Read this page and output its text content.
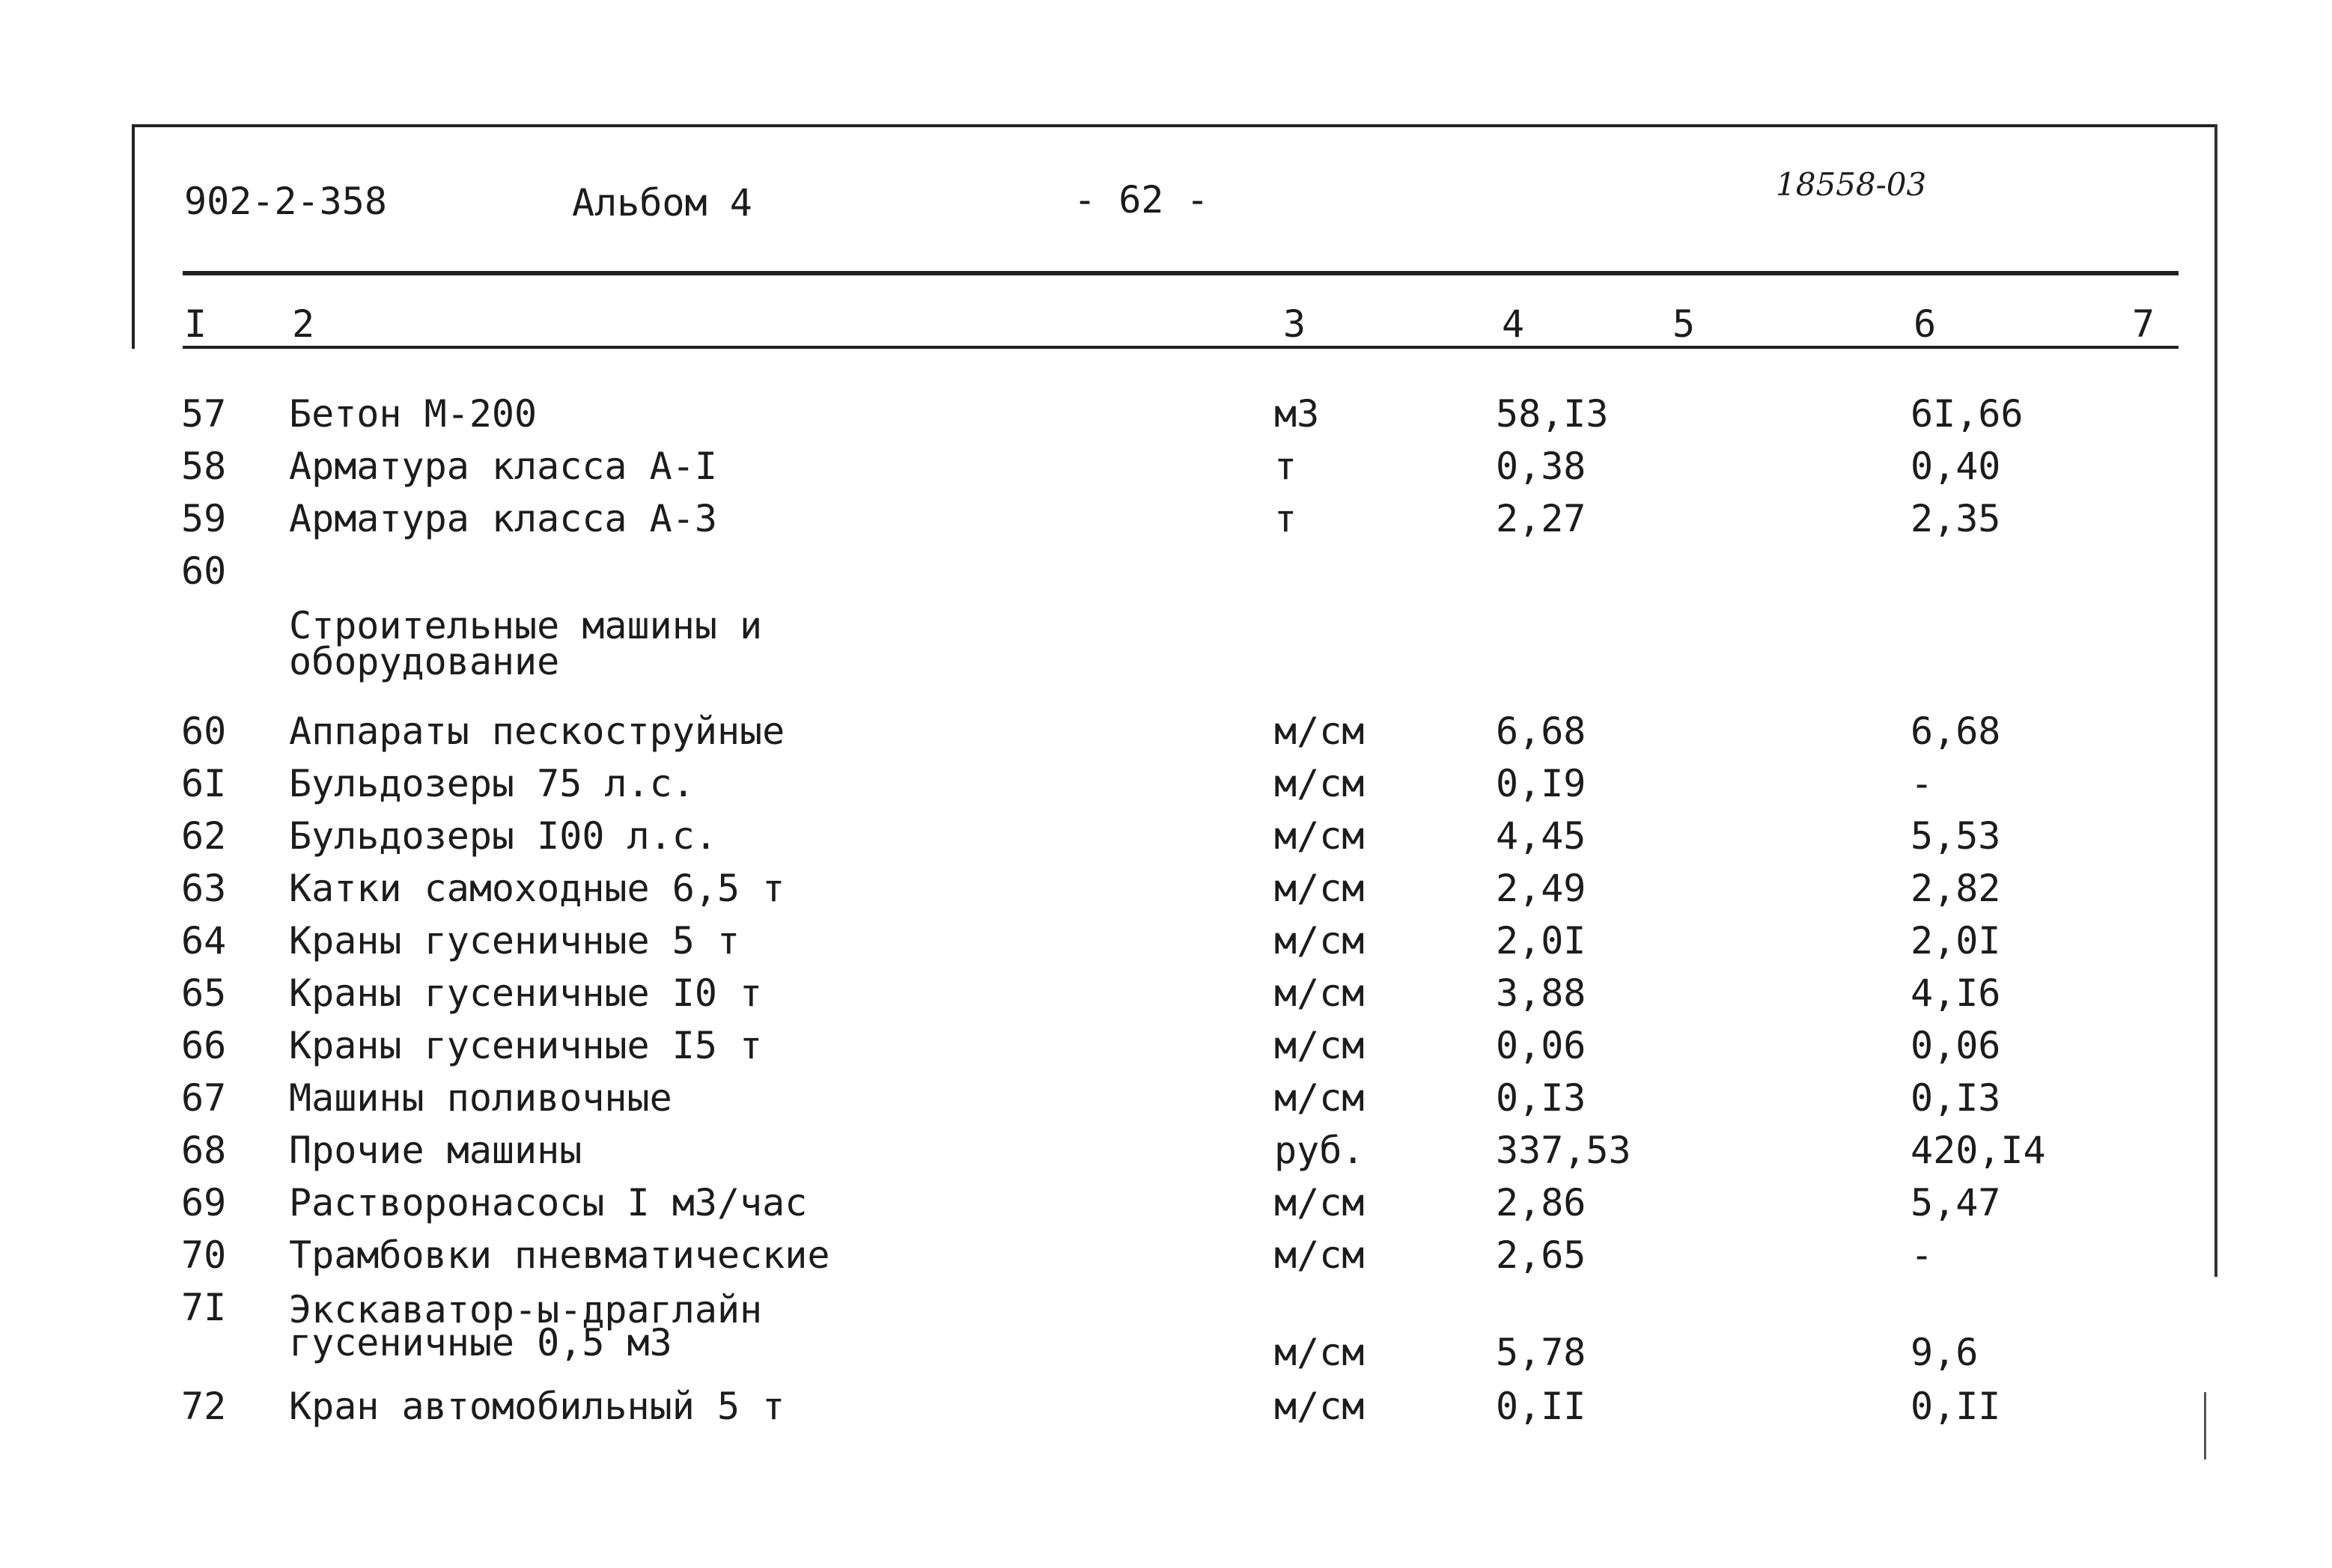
902-2-358	Альбом 4	- 62 -	18558-03
I 2	3	4	5	6	7
57 Бетон М-200	м3	58,I3	6I,66
58 Арматура класса А-I	т	0,38	0,40
59 Арматура класса А-3	т	2,27	2,35
60
Строительные машины и
оборудование
60 Аппараты пескоструйные	м/см	6,68	6,68
6I Бульдозеры 75 л.с.	м/см	0,I9	-
62 Бульдозеры I00 л.с.	м/см	4,45	5,53
63 Катки самоходные 6,5 т	м/см	2,49	2,82
64 Краны гусеничные 5 т	м/см	2,0I	2,0I
65 Краны гусеничные I0 т	м/см	3,88	4,I6
66 Краны гусеничные I5 т	м/см	0,06	0,06
67 Машины поливочные	м/см	0,I3	0,I3
68 Прочие машины	руб.	337,53	420,I4
69 Растворонасосы I м3/час	м/см	2,86	5,47
70 Трамбовки пневматические	м/см	2,65	-
7I Экскаватор-ы-драглайн
гусеничные 0,5 м3	м/см	5,78	9,6
72 Кран автомобильный 5 т	м/см	0,II	0,II
